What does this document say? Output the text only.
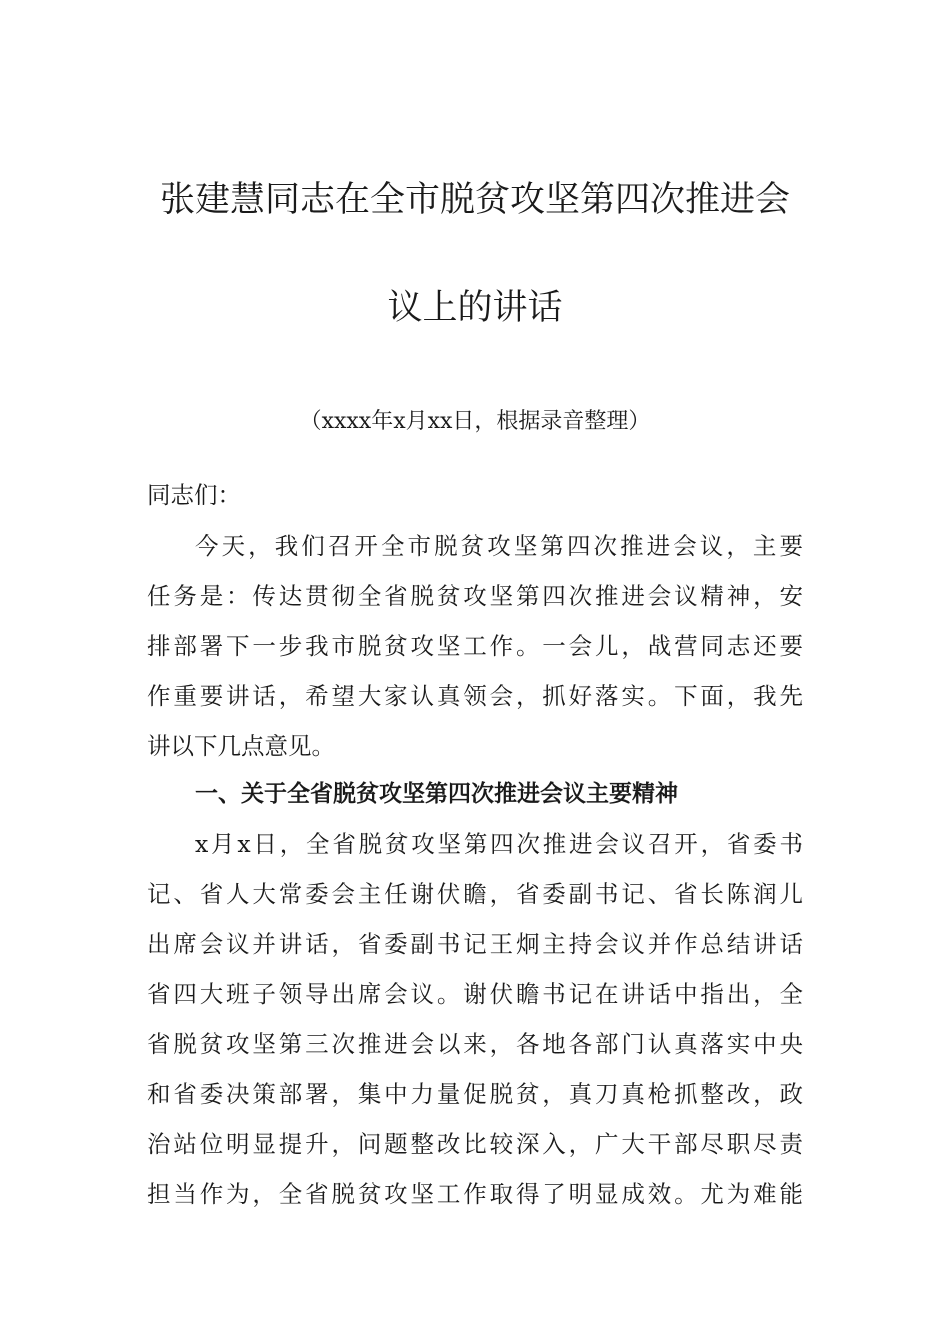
张建慧同志在全市脱贫攻坚第四次推进会
议上的讲话
（xxxx年x月xx日，根据录音整理）
同志们：
今天，我们召开全市脱贫攻坚第四次推进会议，主要
任务是：传达贯彻全省脱贫攻坚第四次推进会议精神，安
排部署下一步我市脱贫攻坚工作。一会儿，战营同志还要
作重要讲话，希望大家认真领会，抓好落实。下面，我先
讲以下几点意见。
一、关于全省脱贫攻坚第四次推进会议主要精神
x月x日，全省脱贫攻坚第四次推进会议召开，省委书
记、省人大常委会主任谢伏瞻，省委副书记、省长陈润儿
出席会议并讲话，省委副书记王炯主持会议并作总结讲话
省四大班子领导出席会议。谢伏瞻书记在讲话中指出，全
省脱贫攻坚第三次推进会以来，各地各部门认真落实中央
和省委决策部署，集中力量促脱贫，真刀真枪抓整改，政
治站位明显提升，问题整改比较深入，广大干部尽职尽责
担当作为，全省脱贫攻坚工作取得了明显成效。尤为难能
